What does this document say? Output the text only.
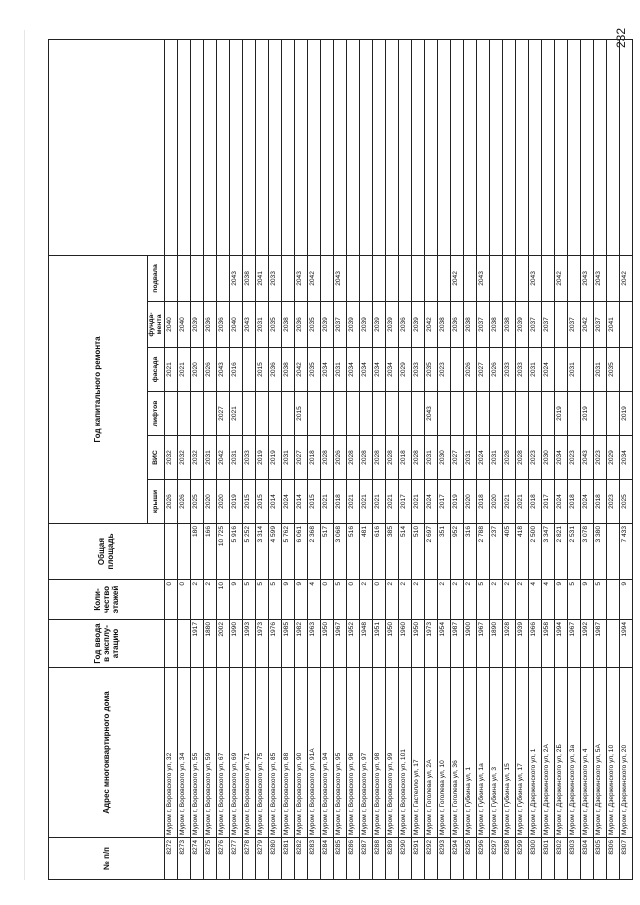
232
№ п/п	Адрес многоквартирного дома	Год ввода в эксплу-атацию	Коли-чество этажей	Общая площадь	Год капитального ремонта						
					крыши	ВИС	лифтов	фасада	фунда-мента	подвала	
8272	Муром г, Воровского ул, 32		0		2026	2032		2021	2040		
8273	Муром г, Воровского ул, 34		0		2026	2032		2021	2040		
8274	Муром г, Воровского ул, 55	1917	2	180	2025	2032		2020	2039		
8275	Муром г, Воровского ул, 59	1880	2	166	2020	2031		2026	2036		
8276	Муром г, Воровского ул, 67	2002	10	10 725	2020	2042	2027	2043	2036		
8277	Муром г, Воровского ул, 69	1990	9	5 916	2019	2031	2021	2016	2040	2043	
8278	Муром г, Воровского ул, 71	1993	5	5 252	2015	2033			2043	2038	
8279	Муром г, Воровского ул, 75	1973	5	3 314	2015	2019		2015	2031	2041	
8280	Муром г, Воровского ул, 85	1976	5	4 599	2014	2019		2036	2035	2033	
8281	Муром г, Воровского ул, 88	1985	9	5 762	2024	2031		2038	2038		
8282	Муром г, Воровского ул, 90	1982	9	6 061	2014	2027	2015	2042	2036	2043	
8283	Муром г, Воровского ул, 91А	1963	4	2 368	2015	2018		2035	2035	2042	
8284	Муром г, Воровского ул, 94	1950	0	517	2021	2028		2034	2039		
8285	Муром г, Воровского ул, 95	1967	5	3 068	2018	2026		2031	2037	2043	
8286	Муром г, Воровского ул, 96	1952	0	516	2021	2028		2034	2039		
8287	Муром г, Воровского ул, 97	1948	2	481	2021	2028		2034	2039		
8288	Муром г, Воровского ул, 98	1951	0	616	2021	2028		2034	2039		
8289	Муром г, Воровского ул, 99	1950	2	385	2021	2028		2034	2039		
8290	Муром г, Воровского ул, 101	1960	2	514	2017	2018		2029	2036		
8291	Муром г, Гастелло ул, 17	1950	2	510	2021	2028		2033	2039		
8292	Муром г, Гоголева ул, 2А	1973		2 697	2024	2031	2043	2035	2042		
8293	Муром г, Гоголева ул, 10	1954	2	351	2017	2030		2023	2038		
8294	Муром г, Гоголева ул, 36	1987	2	952	2019	2027			2036	2042	
8295	Муром г, Губкина ул, 1	1900	2	316	2020	2031		2026	2038		
8296	Муром г, Губкина ул, 1а	1967	5	2 788	2018	2024		2027	2037	2043	
8297	Муром г, Губкина ул, 3	1890	2	237	2020	2031		2026	2038		
8298	Муром г, Губкина ул, 15	1928	2	405	2021	2028		2033	2038		
8299	Муром г, Губкина ул, 17	1939	2	418	2021	2028		2033	2039		
8300	Муром г, Дзержинского ул, 1	1966	4	2 500	2018	2023		2031	2037	2043	
8301	Муром г, Дзержинского ул, 2А	1958	4	3 347	2017	2030		2024	2037		
8302	Муром г, Дзержинского ул, 2Б	1994	9	2 821	2024	2034	2019			2042	
8303	Муром г, Дзержинского ул, 3а	1967	5	2 531	2018	2023		2031	2037		
8304	Муром г, Дзержинского ул, 4	1992	9	3 078	2024	2043	2019		2042	2043	
8305	Муром г, Дзержинского ул, 5А	1987	5	3 380	2018	2023		2031	2037	2043	
8306	Муром г, Дзержинского ул, 10				2023	2029		2035	2041		
8307	Муром г, Дзержинского ул, 20	1994	9	7 433	2025	2034	2019			2042	
